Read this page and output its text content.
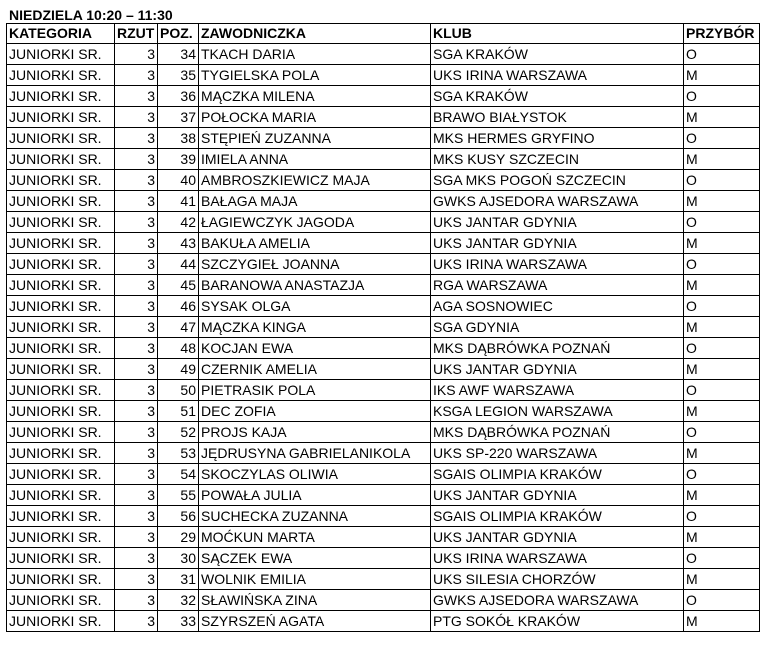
NIEDZIELA 10:20 – 11:30
KATEGORIA	RZUT	POZ.	ZAWODNICZKA	KLUB	PRZYBÓR
JUNIORKI SR.	3	34	TKACH DARIA	SGA KRAKÓW	O
JUNIORKI SR.	3	35	TYGIELSKA POLA	UKS IRINA WARSZAWA	M
JUNIORKI SR.	3	36	MĄCZKA MILENA	SGA KRAKÓW	O
JUNIORKI SR.	3	37	POŁOCKA MARIA	BRAWO BIAŁYSTOK	M
JUNIORKI SR.	3	38	STĘPIEŃ ZUZANNA	MKS HERMES GRYFINO	O
JUNIORKI SR.	3	39	IMIELA ANNA	MKS KUSY SZCZECIN	M
JUNIORKI SR.	3	40	AMBROSZKIEWICZ MAJA	SGA MKS POGOŃ SZCZECIN	O
JUNIORKI SR.	3	41	BAŁAGA MAJA	GWKS AJSEDORA WARSZAWA	M
JUNIORKI SR.	3	42	ŁAGIEWCZYK JAGODA	UKS JANTAR GDYNIA	O
JUNIORKI SR.	3	43	BAKUŁA AMELIA	UKS JANTAR GDYNIA	M
JUNIORKI SR.	3	44	SZCZYGIEŁ JOANNA	UKS IRINA WARSZAWA	O
JUNIORKI SR.	3	45	BARANOWA ANASTAZJA	RGA WARSZAWA	M
JUNIORKI SR.	3	46	SYSAK OLGA	AGA SOSNOWIEC	O
JUNIORKI SR.	3	47	MĄCZKA KINGA	SGA GDYNIA	M
JUNIORKI SR.	3	48	KOCJAN EWA	MKS DĄBRÓWKA POZNAŃ	O
JUNIORKI SR.	3	49	CZERNIK AMELIA	UKS JANTAR GDYNIA	M
JUNIORKI SR.	3	50	PIETRASIK POLA	IKS AWF WARSZAWA	O
JUNIORKI SR.	3	51	DEC ZOFIA	KSGA LEGION WARSZAWA	M
JUNIORKI SR.	3	52	PROJS KAJA	MKS DĄBRÓWKA POZNAŃ	O
JUNIORKI SR.	3	53	JĘDRUSYNA GABRIELANIKOLA	UKS SP-220 WARSZAWA	M
JUNIORKI SR.	3	54	SKOCZYLAS OLIWIA	SGAIS OLIMPIA KRAKÓW	O
JUNIORKI SR.	3	55	POWAŁA JULIA	UKS JANTAR GDYNIA	M
JUNIORKI SR.	3	56	SUCHECKA ZUZANNA	SGAIS OLIMPIA KRAKÓW	O
JUNIORKI SR.	3	29	MOĆKUN MARTA	UKS JANTAR GDYNIA	M
JUNIORKI SR.	3	30	SĄCZEK EWA	UKS IRINA WARSZAWA	O
JUNIORKI SR.	3	31	WOLNIK EMILIA	UKS SILESIA CHORZÓW	M
JUNIORKI SR.	3	32	SŁAWIŃSKA ZINA	GWKS AJSEDORA WARSZAWA	O
JUNIORKI SR.	3	33	SZYRSZEŃ AGATA	PTG SOKÓŁ KRAKÓW	M
